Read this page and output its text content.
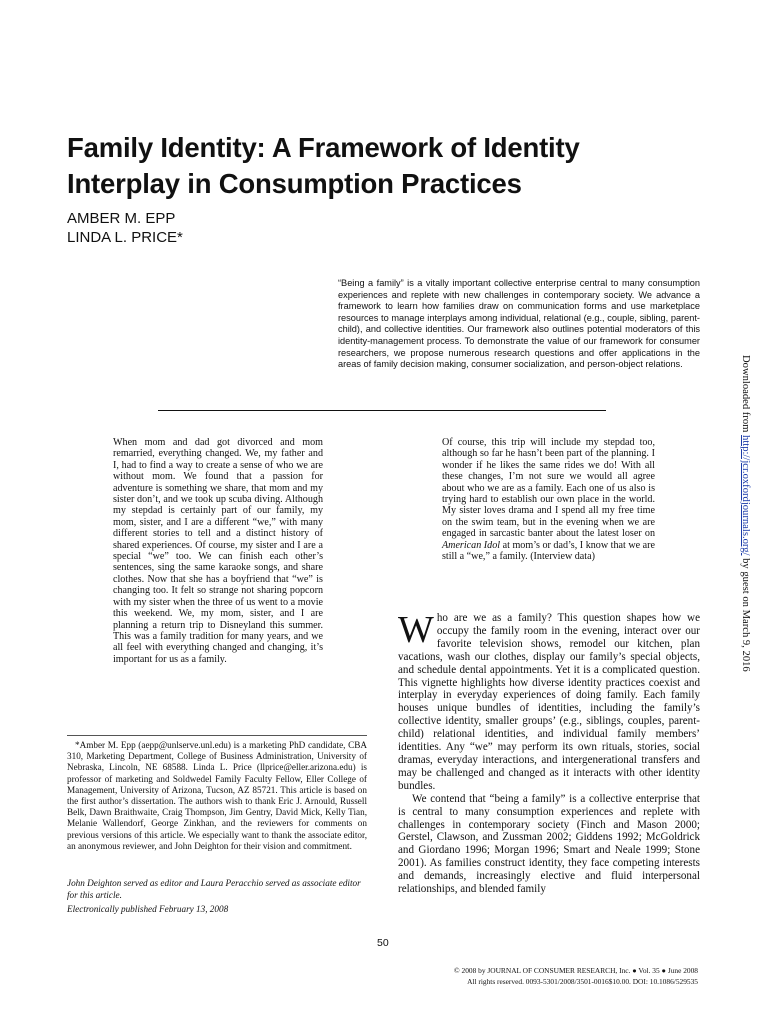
Family Identity: A Framework of Identity Interplay in Consumption Practices
AMBER M. EPP
LINDA L. PRICE*
“Being a family” is a vitally important collective enterprise central to many consumption experiences and replete with new challenges in contemporary society. We advance a framework to learn how families draw on communication forms and use marketplace resources to manage interplays among individual, relational (e.g., couple, sibling, parent-child), and collective identities. Our framework also outlines potential moderators of this identity-management process. To demonstrate the value of our framework for consumer researchers, we propose numerous research questions and offer applications in the areas of family decision making, consumer socialization, and person-object relations.	Downloaded from http://jcr.oxfordjournals.org/ by guest on March 9, 2016

When mom and dad got divorced and mom remarried, everything changed. We, my father and I, had to find a way to create a sense of who we are without mom. We found that a passion for adventure is something we share, that mom and my sister don’t, and we took up scuba diving. Although my stepdad is certainly part of our family, my mom, sister, and I are a different “we,” with many different stories to tell and a distinct history of shared experiences. Of course, my sister and I are a special “we” too. We can finish each other’s sentences, sing the same karaoke songs, and share clothes. Now that she has a boyfriend that “we” is changing too. It felt so strange not sharing popcorn with my sister when the three of us went to a movie this weekend. We, my mom, sister, and I are planning a return trip to Disneyland this summer. This was a family tradition for many years, and we all feel with everything changed and changing, it’s important for us as a family.

Of course, this trip will include my stepdad too, although so far he hasn’t been part of the planning. I wonder if he likes the same rides we do! With all these changes, I’m not sure we would all agree about who we are as a family. Each one of us also is trying hard to establish our own place in the world. My sister loves drama and I spend all my free time on the swim team, but in the evening when we are engaged in sarcastic banter about the latest loser on American Idol at mom’s or dad’s, I know that we are still a “we,” a family. (Interview data)

*Amber M. Epp (aepp@unlserve.unl.edu) is a marketing PhD candidate, CBA 310, Marketing Department, College of Business Administration, University of Nebraska, Lincoln, NE 68588. Linda L. Price (llprice@eller.arizona.edu) is professor of marketing and Soldwedel Family Faculty Fellow, Eller College of Management, University of Arizona, Tucson, AZ 85721. This article is based on the first author’s dissertation. The authors wish to thank Eric J. Arnould, Russell Belk, Dawn Braithwaite, Craig Thompson, Jim Gentry, David Mick, Kelly Tian, Melanie Wallendorf, George Zinkhan, and the reviewers for comments on previous versions of this article. We especially want to thank the associate editor, an anonymous reviewer, and John Deighton for their vision and commitment.

John Deighton served as editor and Laura Peracchio served as associate editor for this article.

Electronically published February 13, 2008

Who are we as a family? This question shapes how we occupy the family room in the evening, interact over our favorite television shows, remodel our kitchen, plan vacations, wash our clothes, display our family’s special objects, and schedule dental appointments. Yet it is a complicated question. This vignette highlights how diverse identity practices coexist and interplay in everyday experiences of doing family. Each family houses unique bundles of identities, including the family’s collective identity, smaller groups’ (e.g., siblings, couples, parent-child) relational identities, and individual family members’ identities. Any “we” may perform its own rituals, stories, social dramas, everyday interactions, and intergenerational transfers and may be challenged and changed as it interacts with other identity bundles.

We contend that “being a family” is a collective enterprise that is central to many consumption experiences and replete with challenges in contemporary society (Finch and Mason 2000; Gerstel, Clawson, and Zussman 2002; Giddens 1992; McGoldrick and Giordano 1996; Morgan 1996; Smart and Neale 1999; Stone 2001). As families construct identity, they face competing interests and demands, increasingly elective and fluid interpersonal relationships, and blended family

50
© 2008 by JOURNAL OF CONSUMER RESEARCH, Inc. ● Vol. 35 ● June 2008
All rights reserved. 0093-5301/2008/3501-0016$10.00. DOI: 10.1086/529535
